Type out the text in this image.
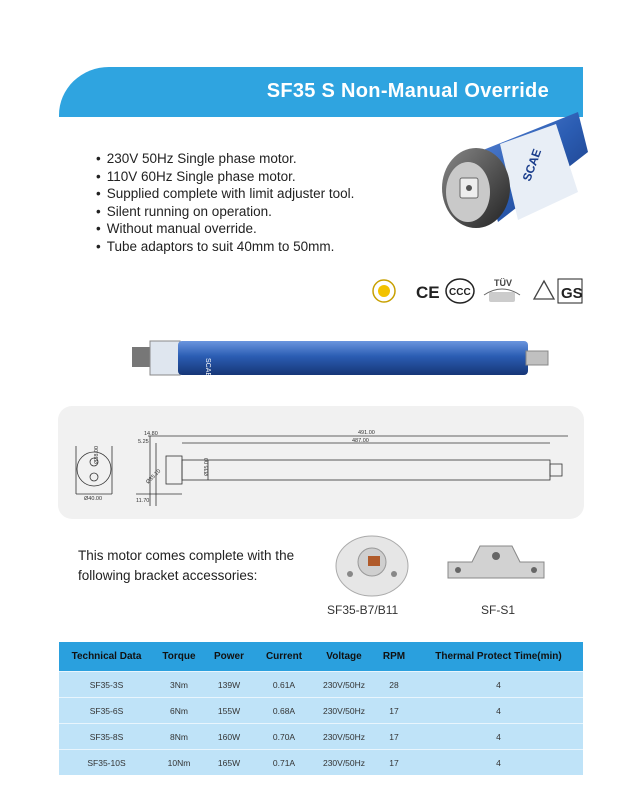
SF35 S Non-Manual Override
• 230V 50Hz Single phase motor.
• 110V 60Hz Single phase motor.
• Supplied complete with limit adjuster tool.
• Silent running on operation.
• Without manual override.
• Tube adaptors to suit 40mm to 50mm.
SCAE
CE CCC
TÜV
GS
SCAE
14.80
5.25
491.00
487.00
Ø38.00
Ø40.00	11.70
Ø35.10
Ø35.00
This motor comes complete with the
following bracket accessories:
SF35-B7/B11	SF-S1
Technical Data	Torque	Power	Current	Voltage	RPM	Thermal Protect Time(min)
SF35-3S	3Nm	139W	0.61A	230V/50Hz	28	4
SF35-6S	6Nm	155W	0.68A	230V/50Hz	17	4
SF35-8S	8Nm	160W	0.70A	230V/50Hz	17	4
SF35-10S	10Nm	165W	0.71A	230V/50Hz	17	4
